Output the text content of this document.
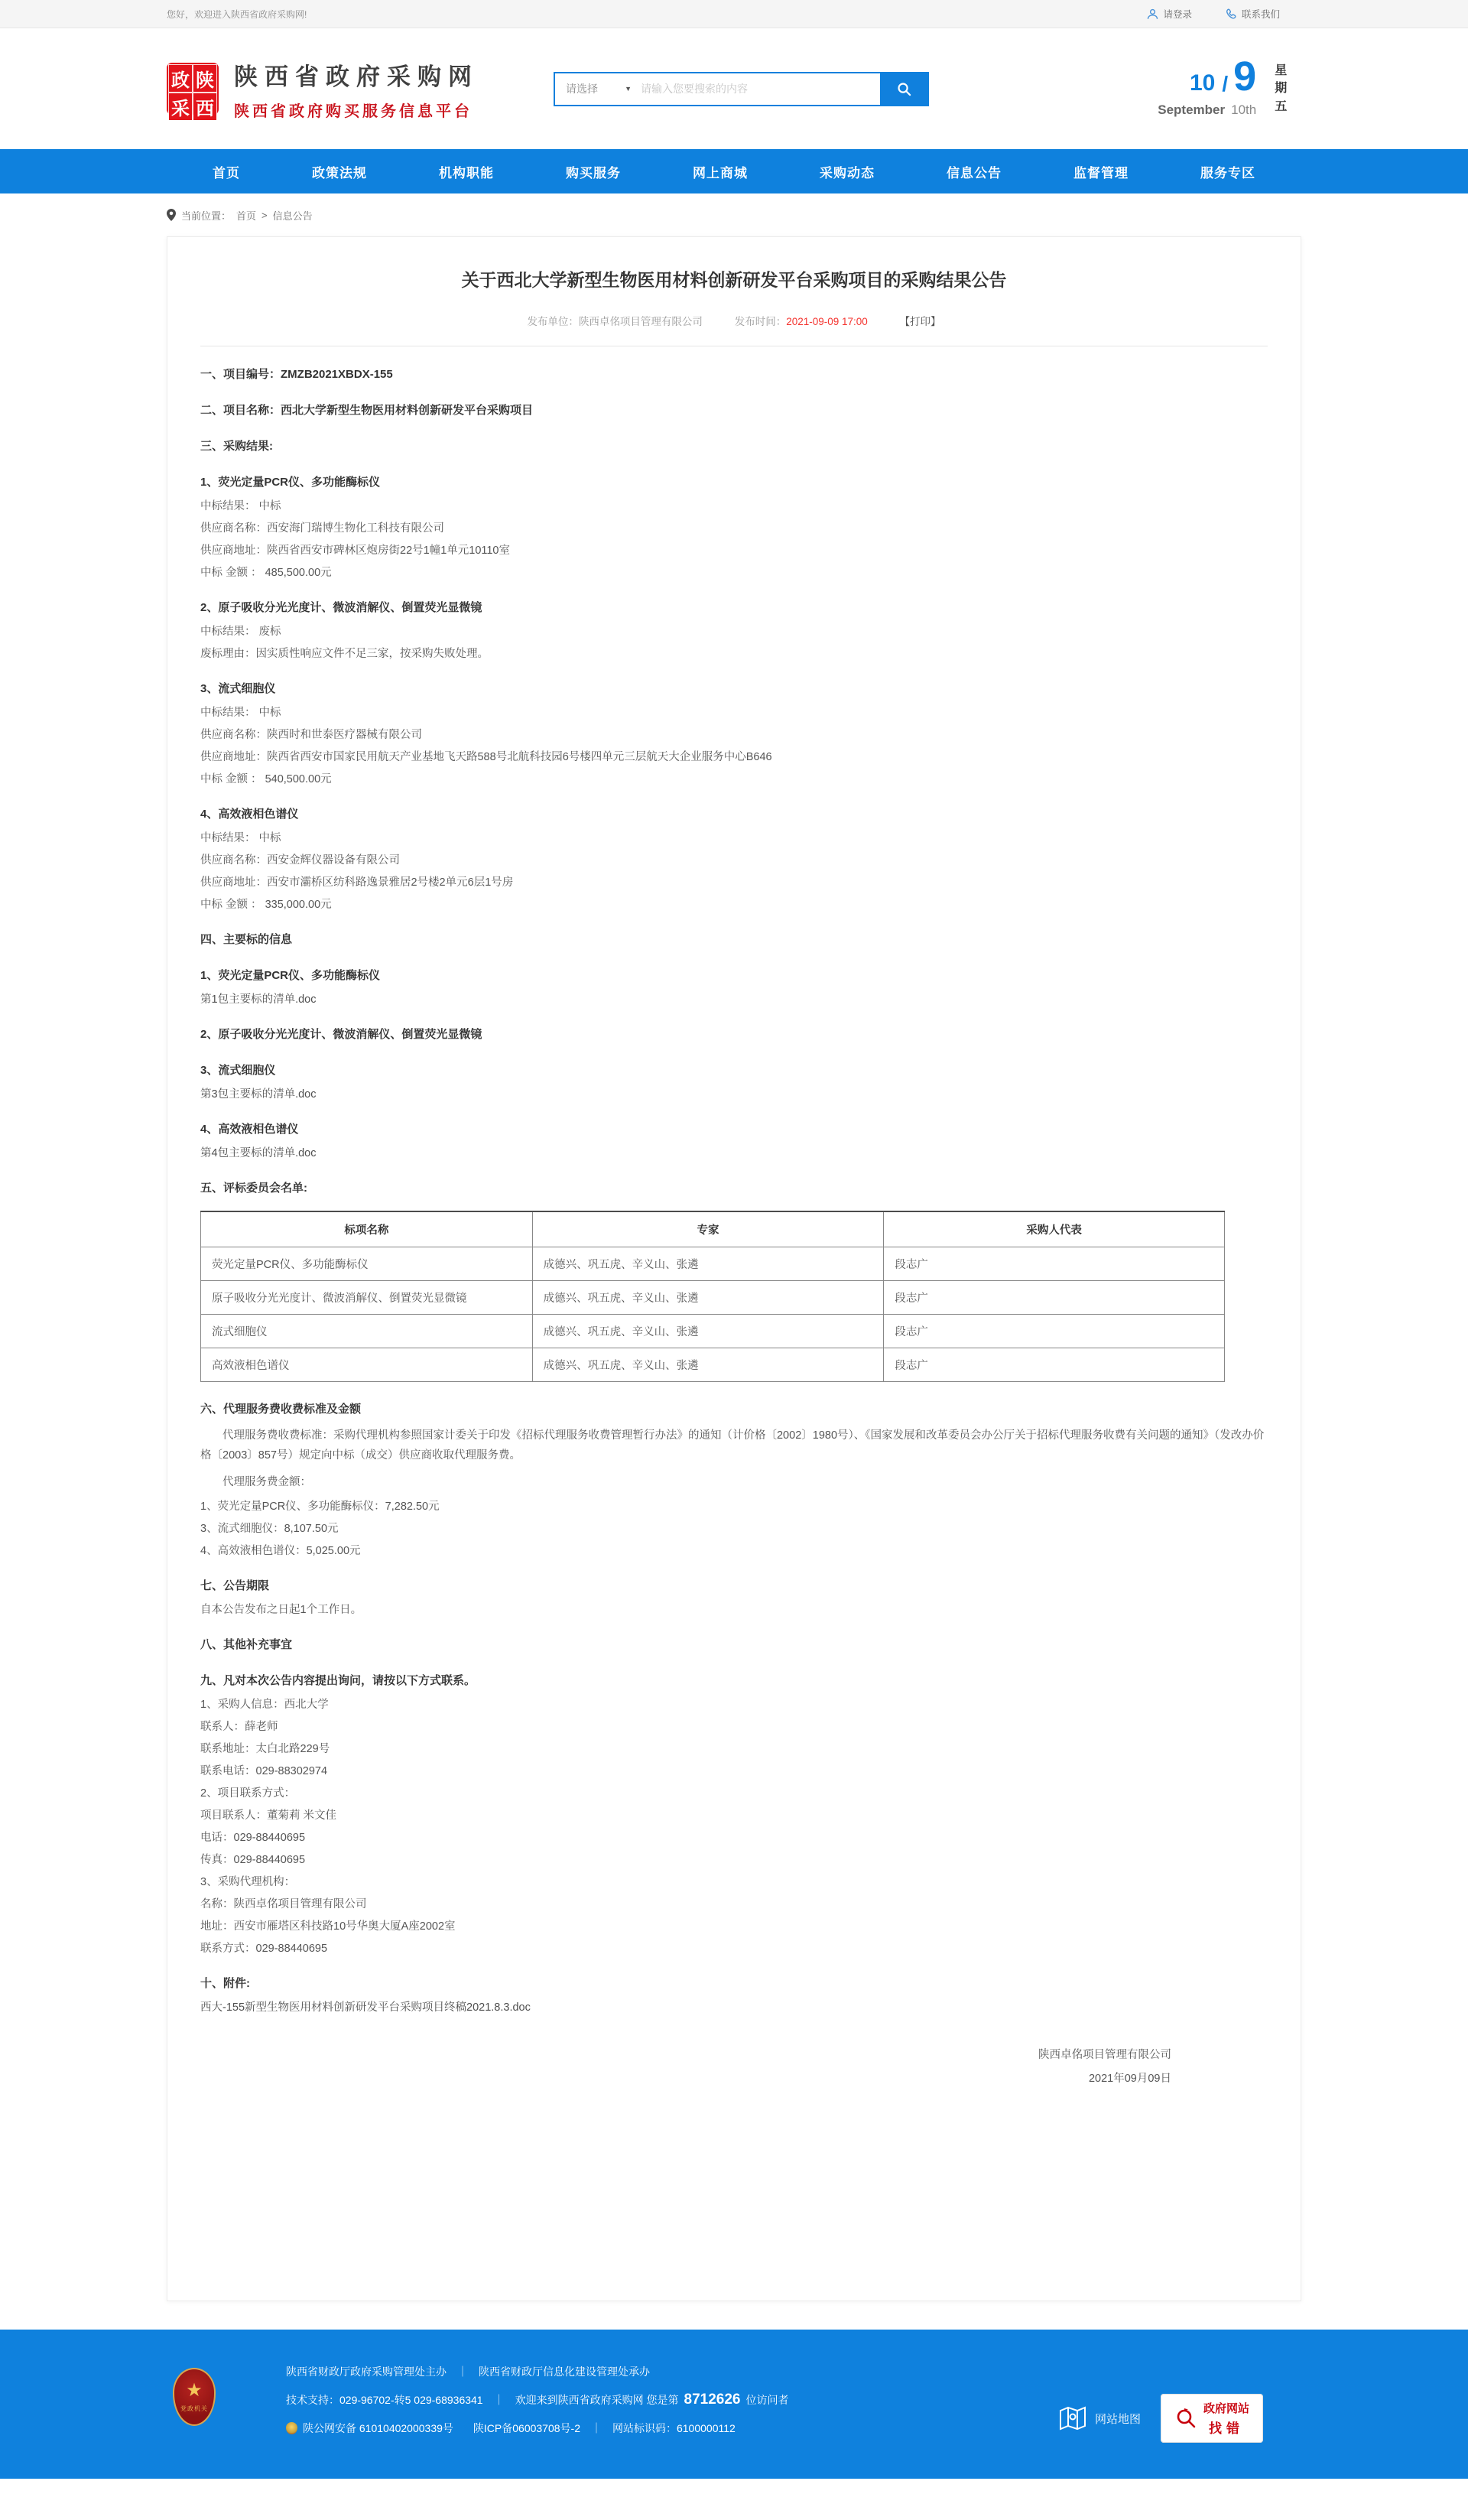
您好，欢迎进入陕西省政府采购网!	请登录	联系我们
政 陕
采 西
陕西省政府采购网
陕西省政府购买服务信息平台
请选择	▼
请输入您要搜索的内容	10 / 9
September 10th
星期五
首页	政策法规	机构职能	购买服务	网上商城	采购动态	信息公告	监督管理	服务专区
当前位置： 首页 > 信息公告
关于西北大学新型生物医用材料创新研发平台采购项目的采购结果公告
发布单位：陕西卓佲项目管理有限公司	发布时间：2021-09-09 17:00	【打印】
一、项目编号：ZMZB2021XBDX-155
二、项目名称：西北大学新型生物医用材料创新研发平台采购项目
三、采购结果:
1、荧光定量PCR仪、多功能酶标仪
中标结果： 中标
供应商名称：西安海门瑞博生物化工科技有限公司
供应商地址：陕西省西安市碑林区炮房街22号1幢1单元10110室
中标 金额 ： 485,500.00元
2、原子吸收分光光度计、微波消解仪、倒置荧光显微镜
中标结果： 废标
废标理由：因实质性响应文件不足三家，按采购失败处理。
3、流式细胞仪
中标结果： 中标
供应商名称：陕西时和世泰医疗器械有限公司
供应商地址：陕西省西安市国家民用航天产业基地飞天路588号北航科技园6号楼四单元三层航天大企业服务中心B646
中标 金额 ： 540,500.00元
4、高效液相色谱仪
中标结果： 中标
供应商名称：西安金辉仪器设备有限公司
供应商地址：西安市灞桥区纺科路逸景雅居2号楼2单元6层1号房
中标 金额 ： 335,000.00元
四、主要标的信息
1、荧光定量PCR仪、多功能酶标仪
第1包主要标的清单.doc
2、原子吸收分光光度计、微波消解仪、倒置荧光显微镜
3、流式细胞仪
第3包主要标的清单.doc
4、高效液相色谱仪
第4包主要标的清单.doc
五、评标委员会名单:
标项名称	专家	采购人代表
荧光定量PCR仪、多功能酶标仪	成德兴、巩五虎、辛义山、张遴	段志广
原子吸收分光光度计、微波消解仪、倒置荧光显微镜	成德兴、巩五虎、辛义山、张遴	段志广
流式细胞仪	成德兴、巩五虎、辛义山、张遴	段志广
高效液相色谱仪	成德兴、巩五虎、辛义山、张遴	段志广
六、代理服务费收费标准及金额
代理服务费收费标准：采购代理机构参照国家计委关于印发《招标代理服务收费管理暂行办法》的通知（计价格〔2002〕1980号）、《国家发展和改革委员会办公厅关于招标代理服务收费有关问题的通知》（发改办价格〔2003〕857号）规定向中标（成交）供应商收取代理服务费。
代理服务费金额：
1、荧光定量PCR仪、多功能酶标仪：7,282.50元
3、流式细胞仪：8,107.50元
4、高效液相色谱仪：5,025.00元
七、公告期限
自本公告发布之日起1个工作日。
八、其他补充事宜
九、凡对本次公告内容提出询问，请按以下方式联系。
1、采购人信息：西北大学
联系人：薛老师
联系地址：太白北路229号
联系电话：029-88302974
2、项目联系方式：
项目联系人：董菊莉 米文佳
电话：029-88440695
传真：029-88440695
3、采购代理机构：
名称：陕西卓佲项目管理有限公司
地址：西安市雁塔区科技路10号华奥大厦A座2002室
联系方式：029-88440695
十、附件:
西大-155新型生物医用材料创新研发平台采购项目终稿2021.8.3.doc
陕西卓佲项目管理有限公司
2021年09月09日
★
党政机关
陕西省财政厅政府采购管理处主办 ｜ 陕西省财政厅信息化建设管理处承办
技术支持：029-96702-转5 029-68936341 ｜ 欢迎来到陕西省政府采购网 您是第 8712626 位访问者
陕公网安备 61010402000339号 陕ICP备06003708号-2 ｜ 网站标识码：6100000112
网站地图
政府网站
找错
